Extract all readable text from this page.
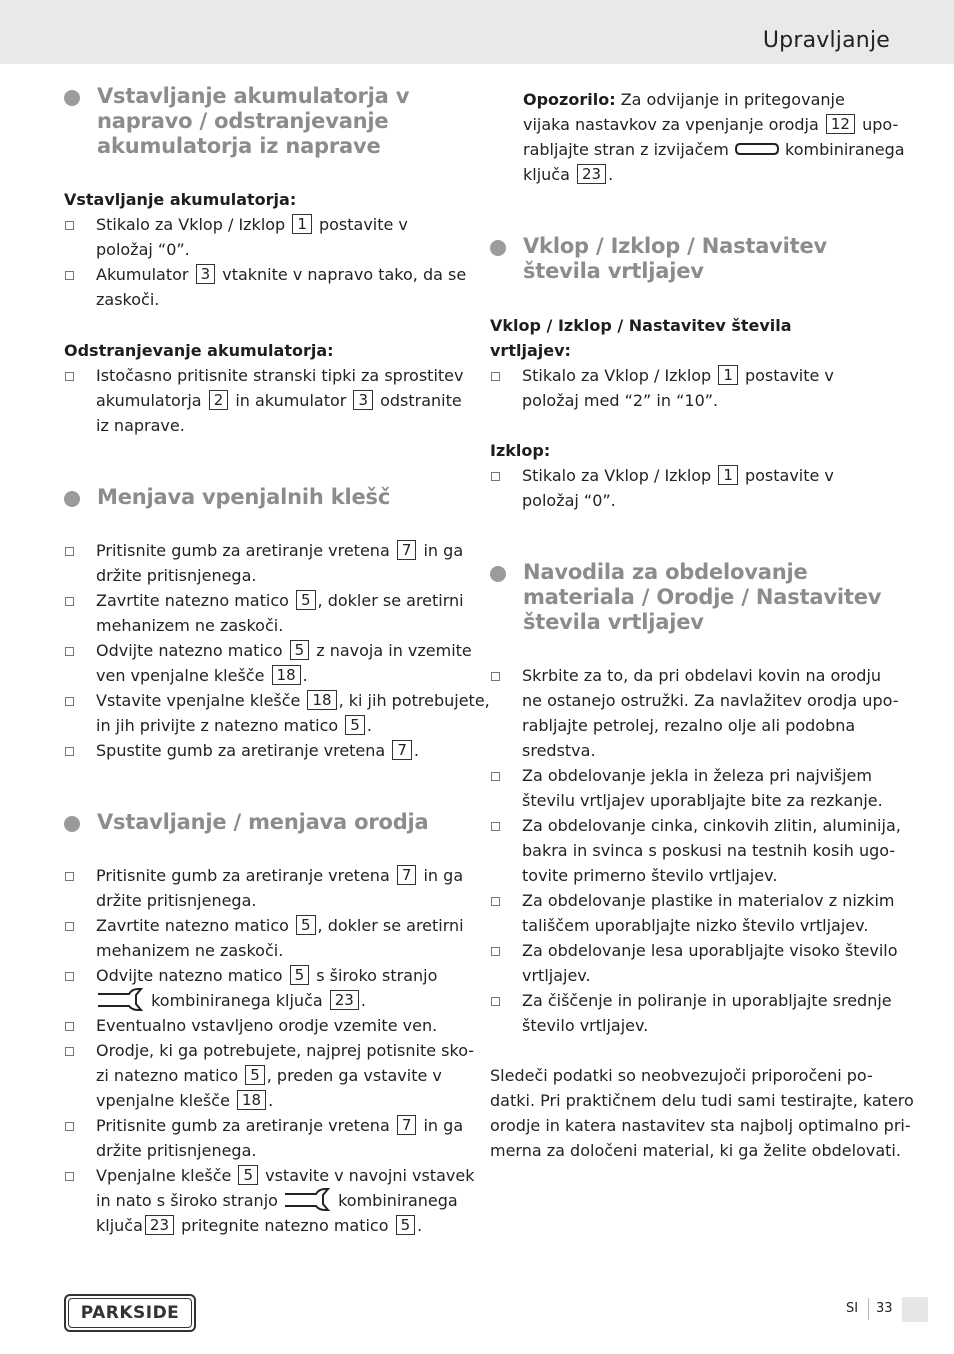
Upravljanje
Vstavljanje akumulatorja v
napravo / odstranjevanje
akumulatorja iz naprave
Vstavljanje akumulatorja:
Stikalo za Vklop / Izklop 1 postavite v
položaj “0”.
Akumulator 3 vtaknite v napravo tako, da se
zaskoči.
Odstranjevanje akumulatorja:
Istočasno pritisnite stranski tipki za sprostitev
akumulatorja 2 in akumulator 3 odstranite
iz naprave.
Menjava vpenjalnih klešč
Pritisnite gumb za aretiranje vretena 7 in ga
držite pritisnjenega.
Zavrtite natezno matico 5 , dokler se aretirni
mehanizem ne zaskoči.
Odvijte natezno matico 5 z navoja in vzemite
ven vpenjalne klešče 18 .
Vstavite vpenjalne klešče 18 , ki jih potrebujete,
in jih privijte z natezno matico 5 .
Spustite gumb za aretiranje vretena 7 .
Vstavljanje / menjava orodja
Pritisnite gumb za aretiranje vretena 7 in ga
držite pritisnjenega.
Zavrtite natezno matico 5 , dokler se aretirni
mehanizem ne zaskoči.
Odvijte natezno matico 5 s široko stranjo
kombiniranega ključa 23 .
Eventualno vstavljeno orodje vzemite ven.
Orodje, ki ga potrebujete, najprej potisnite sko-
zi natezno matico 5 , preden ga vstavite v
vpenjalne klešče 18 .
Pritisnite gumb za aretiranje vretena 7 in ga
držite pritisnjenega.
Vpenjalne klešče 5 vstavite v navojni vstavek
in nato s široko stranjo	kombiniranega
ključa 23 pritegnite natezno matico 5 .
Opozorilo: Za odvijanje in pritegovanje
vijaka nastavkov za vpenjanje orodja 12 upo-
rabljajte stran z izvijačem	kombiniranega
ključa 23 .
Vklop / Izklop / Nastavitev
števila vrtljajev
Vklop / Izklop / Nastavitev števila
vrtljajev:
Stikalo za Vklop / Izklop 1 postavite v
položaj med “2” in “10”.
Izklop:
Stikalo za Vklop / Izklop 1 postavite v
položaj “0”.
Navodila za obdelovanje
materiala / Orodje / Nastavitev
števila vrtljajev
Skrbite za to, da pri obdelavi kovin na orodju
ne ostanejo ostružki. Za navlažitev orodja upo-
rabljajte petrolej, rezalno olje ali podobna
sredstva.
Za obdelovanje jekla in železa pri najvišjem
številu vrtljajev uporabljajte bite za rezkanje.
Za obdelovanje cinka, cinkovih zlitin, aluminija,
bakra in svinca s poskusi na testnih kosih ugo-
tovite primerno število vrtljajev.
Za obdelovanje plastike in materialov z nizkim
tališčem uporabljajte nizko število vrtljajev.
Za obdelovanje lesa uporabljajte visoko število
vrtljajev.
Za čiščenje in poliranje in uporabljajte srednje
število vrtljajev.
Sledeči podatki so neobvezujoči priporočeni po-
datki. Pri praktičnem delu tudi sami testirajte, katero
orodje in katera nastavitev sta najbolj optimalno pri-
merna za določeni material, ki ga želite obdelovati.
PARKSIDE	SI 33
